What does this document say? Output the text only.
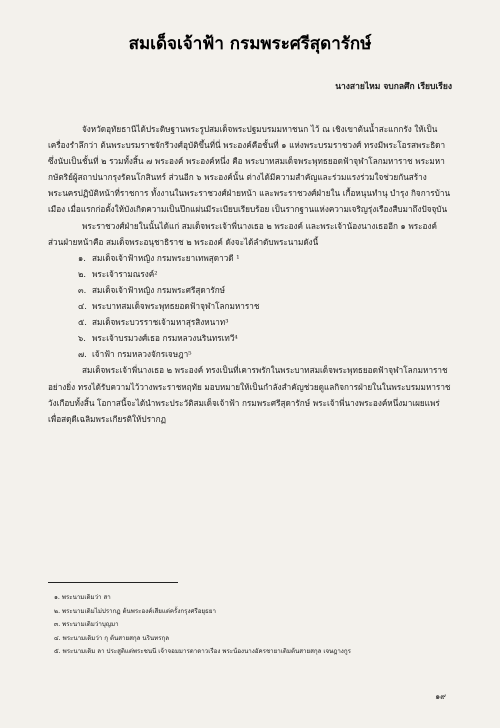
สมเด็จเจ้าฟ้า กรมพระศรีสุดารักษ์
นางสายไหม จบกลศึก เรียบเรียง

จังหวัดอุทัยธานีได้ประดิษฐานพระรูปสมเด็จพระปฐมบรมมหาชนก ไว้ ณ เชิงเขาต้นน้ำสะแกกรัง ให้เป็นเครื่องรำลึกว่า ต้นพระบรมราชจักรีวงศ์อุบัติขึ้นที่นี่ พระองค์คือชั้นที่ ๑ แห่งพระบรมราชวงศ์ ทรงมีพระโอรสพระธิดาซึ่งนับเป็นชั้นที่ ๒ รวมทั้งสิ้น ๗ พระองค์ พระองค์หนึ่ง คือ พระบาทสมเด็จพระพุทธยอดฟ้าจุฬาโลกมหาราช พระมหากษัตริย์ผู้สถาปนากรุงรัตนโกสินทร์ ส่วนอีก ๖ พระองค์นั้น ต่างได้มีความสำคัญและร่วมแรงร่วมใจช่วยกันสร้างพระนครปฏิบัติหน้าที่ราชการ ทั้งงานในพระราชวงศ์ฝ่ายหน้า และพระราชวงศ์ฝ่ายใน เกื้อหนุนทำนุ บำรุง กิจการบ้านเมือง เมื่อแรกก่อตั้งให้บังเกิดความเป็นปึกแผ่นมีระเบียบเรียบร้อย เป็นรากฐานแห่งความเจริญรุ่งเรืองสืบมาถึงปัจจุบัน

พระราชวงศ์ฝ่ายในนั้นได้แก่ สมเด็จพระเจ้าพี่นางเธอ ๒ พระองค์ และพระเจ้าน้องนางเธออีก ๑ พระองค์ ส่วนฝ่ายหน้าคือ สมเด็จพระอนุชาธิราช ๒ พระองค์ ดังจะได้ลำดับพระนามดังนี้

๑. สมเด็จเจ้าฟ้าหญิง กรมพระยาเทพสุดาวดี ¹
๒. พระเจ้ารามณรงค์²
๓. สมเด็จเจ้าฟ้าหญิง กรมพระศรีสุดารักษ์
๔. พระบาทสมเด็จพระพุทธยอดฟ้าจุฬาโลกมหาราช
๕. สมเด็จพระบวรราชเจ้ามหาสุรสิงหนาท³
๖. พระเจ้าบรมวงศ์เธอ กรมหลวงนรินทรเทวี⁴
๗. เจ้าฟ้า กรมหลวงจักรเจษฎา⁵

สมเด็จพระเจ้าพี่นางเธอ ๒ พระองค์ ทรงเป็นที่เคารพรักในพระบาทสมเด็จพระพุทธยอดฟ้าจุฬาโลกมหาราช อย่างยิ่ง ทรงได้รับความไว้วางพระราชหฤทัย มอบหมายให้เป็นกำลังสำคัญช่วยดูแลกิจการฝ่ายในในพระบรมมหาราชวังเกือบทั้งสิ้น โอกาสนี้จะได้นำพระประวัติสมเด็จเจ้าฟ้า กรมพระศรีสุดารักษ์ พระเจ้าพี่นางพระองค์หนึ่งมาเผยแพร่ เพื่อสดุดีเฉลิมพระเกียรติให้ปรากฏ

๑. พระนามเดิมว่า สา
๒. พระนามเดิมไม่ปรากฏ ต้นพระองค์เสียแต่ครั้งกรุงศรีอยุธยา
๓. พระนามเดิมว่าบุญมา
๔. พระนามเดิมว่า กุ ต้นสายสกุล นรินทรกุล
๕. พระนามเดิม ลา ประสูติแต่พระชนนี เจ้าจอมมารดาดาวเรือง พระน้องนางอัครชายาเดิมต้นสายสกุล เจษฎางกูร
๑๙
